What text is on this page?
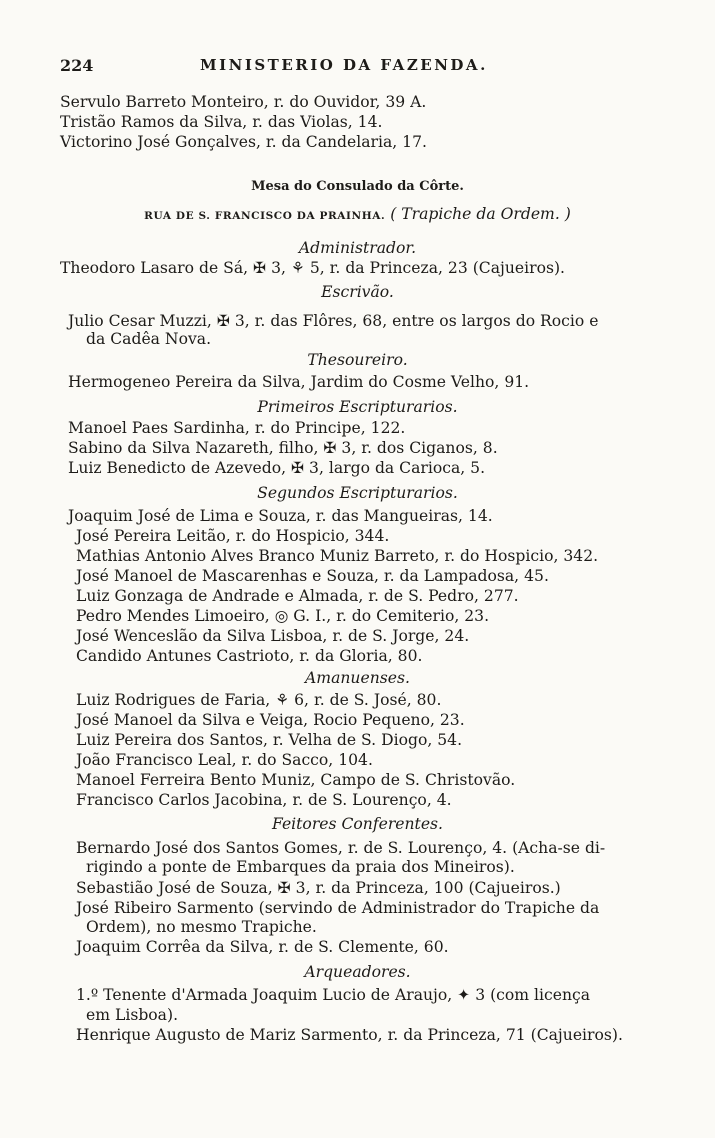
224	MINISTERIO DA FAZENDA.
Servulo Barreto Monteiro, r. do Ouvidor, 39 A.
Tristão Ramos da Silva, r. das Violas, 14.
Victorino José Gonçalves, r. da Candelaria, 17.
Mesa do Consulado da Côrte.
RUA DE S. FRANCISCO DA PRAINHA. ( Trapiche da Ordem. )
Administrador.
Theodoro Lasaro de Sá, ✠ 3, ⚘ 5, r. da Princeza, 23 (Cajueiros).
Escrivão.
Julio Cesar Muzzi, ✠ 3, r. das Flôres, 68, entre os largos do Rocio e
da Cadêa Nova.
Thesoureiro.
Hermogeneo Pereira da Silva, Jardim do Cosme Velho, 91.
Primeiros Escripturarios.
Manoel Paes Sardinha, r. do Principe, 122.
Sabino da Silva Nazareth, filho, ✠ 3, r. dos Ciganos, 8.
Luiz Benedicto de Azevedo, ✠ 3, largo da Carioca, 5.
Segundos Escripturarios.
Joaquim José de Lima e Souza, r. das Mangueiras, 14.
José Pereira Leitão, r. do Hospicio, 344.
Mathias Antonio Alves Branco Muniz Barreto, r. do Hospicio, 342.
José Manoel de Mascarenhas e Souza, r. da Lampadosa, 45.
Luiz Gonzaga de Andrade e Almada, r. de S. Pedro, 277.
Pedro Mendes Limoeiro, ◎ G. I., r. do Cemiterio, 23.
José Wenceslão da Silva Lisboa, r. de S. Jorge, 24.
Candido Antunes Castrioto, r. da Gloria, 80.
Amanuenses.
Luiz Rodrigues de Faria, ⚘ 6, r. de S. José, 80.
José Manoel da Silva e Veiga, Rocio Pequeno, 23.
Luiz Pereira dos Santos, r. Velha de S. Diogo, 54.
João Francisco Leal, r. do Sacco, 104.
Manoel Ferreira Bento Muniz, Campo de S. Christovão.
Francisco Carlos Jacobina, r. de S. Lourenço, 4.
Feitores Conferentes.
Bernardo José dos Santos Gomes, r. de S. Lourenço, 4. (Acha-se di-
rigindo a ponte de Embarques da praia dos Mineiros).
Sebastião José de Souza, ✠ 3, r. da Princeza, 100 (Cajueiros.)
José Ribeiro Sarmento (servindo de Administrador do Trapiche da
Ordem), no mesmo Trapiche.
Joaquim Corrêa da Silva, r. de S. Clemente, 60.
Arqueadores.
1.º Tenente d'Armada Joaquim Lucio de Araujo, ✦ 3 (com licença
em Lisboa).
Henrique Augusto de Mariz Sarmento, r. da Princeza, 71 (Cajueiros).
